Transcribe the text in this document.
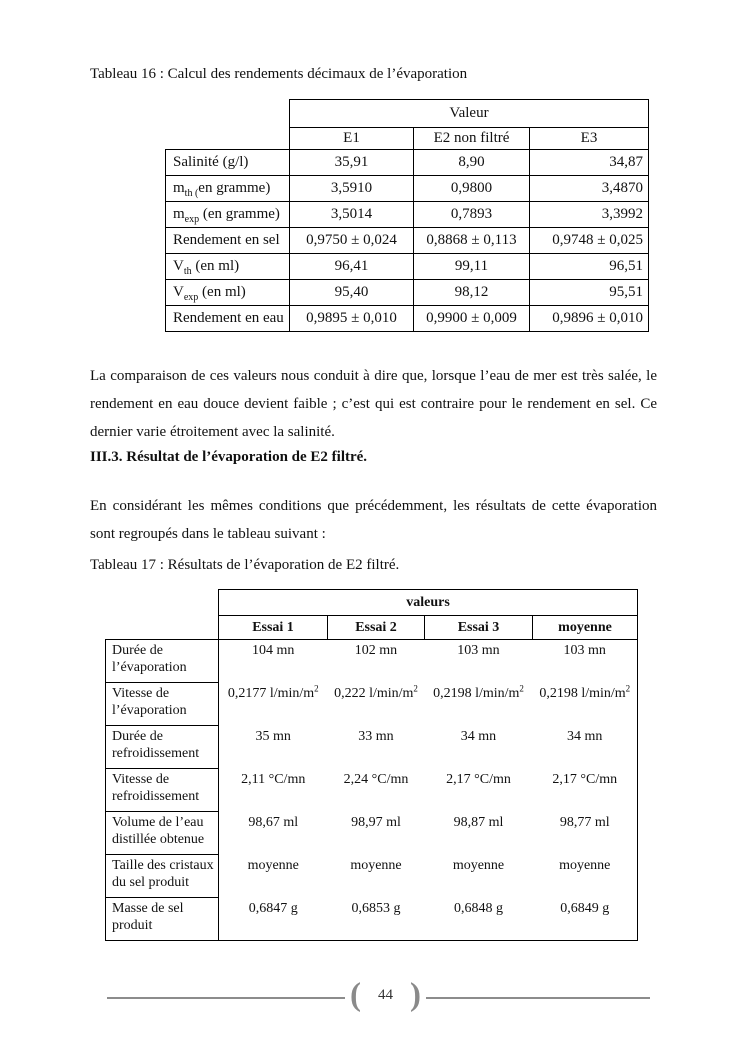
Tableau 16 : Calcul des rendements décimaux de l’évaporation
	Valeur		
	E1	E2 non filtré	E3
Salinité (g/l)	35,91	8,90	34,87
$m_{th (}en$ gramme)	3,5910	0,9800	3,4870
$m_{exp}$ (en gramme)	3,5014	0,7893	3,3992
Rendement en sel	0,9750 ± 0,024	0,8868 ± 0,113	0,9748 ± 0,025
$V_{th}$ (en ml)	96,41	99,11	96,51
$V_{exp}$ (en ml)	95,40	98,12	95,51
Rendement en eau	0,9895 ± 0,010	0,9900 ± 0,009	0,9896 ± 0,010
La comparaison de ces valeurs nous conduit à dire que, lorsque l’eau de mer est très salée, le rendement en eau douce devient faible ; c’est qui est contraire pour le rendement en sel. Ce dernier varie étroitement avec la salinité.
III.3. Résultat de l’évaporation de E2 filtré.
En considérant les mêmes conditions que précédemment, les résultats de cette évaporation sont regroupés dans le tableau suivant :
Tableau 17 : Résultats de l’évaporation de E2 filtré.
	valeurs			
	Essai 1	Essai 2	Essai 3	moyenne
Durée de l’évaporation	104 mn	102 mn	103 mn	103 mn
Vitesse de l’évaporation	0,2177 $l/\min/m^2$	0,222 $l/\min/m^2$	0,2198 $l/\min/m^2$	0,2198 $l/\min/m^2$
Durée de refroidissement	35 mn	33 mn	34 mn	34 mn
Vitesse de refroidissement	2,11 °C/mn	2,24 °C/mn	2,17 °C/mn	2,17 °C/mn
Volume de l’eau distillée obtenue	98,67 ml	98,97 ml	98,87 ml	98,77 ml
Taille des cristaux du sel produit	moyenne	moyenne	moyenne	moyenne
Masse de sel produit	0,6847 g	0,6853 g	0,6848 g	0,6849 g
(	44 )
